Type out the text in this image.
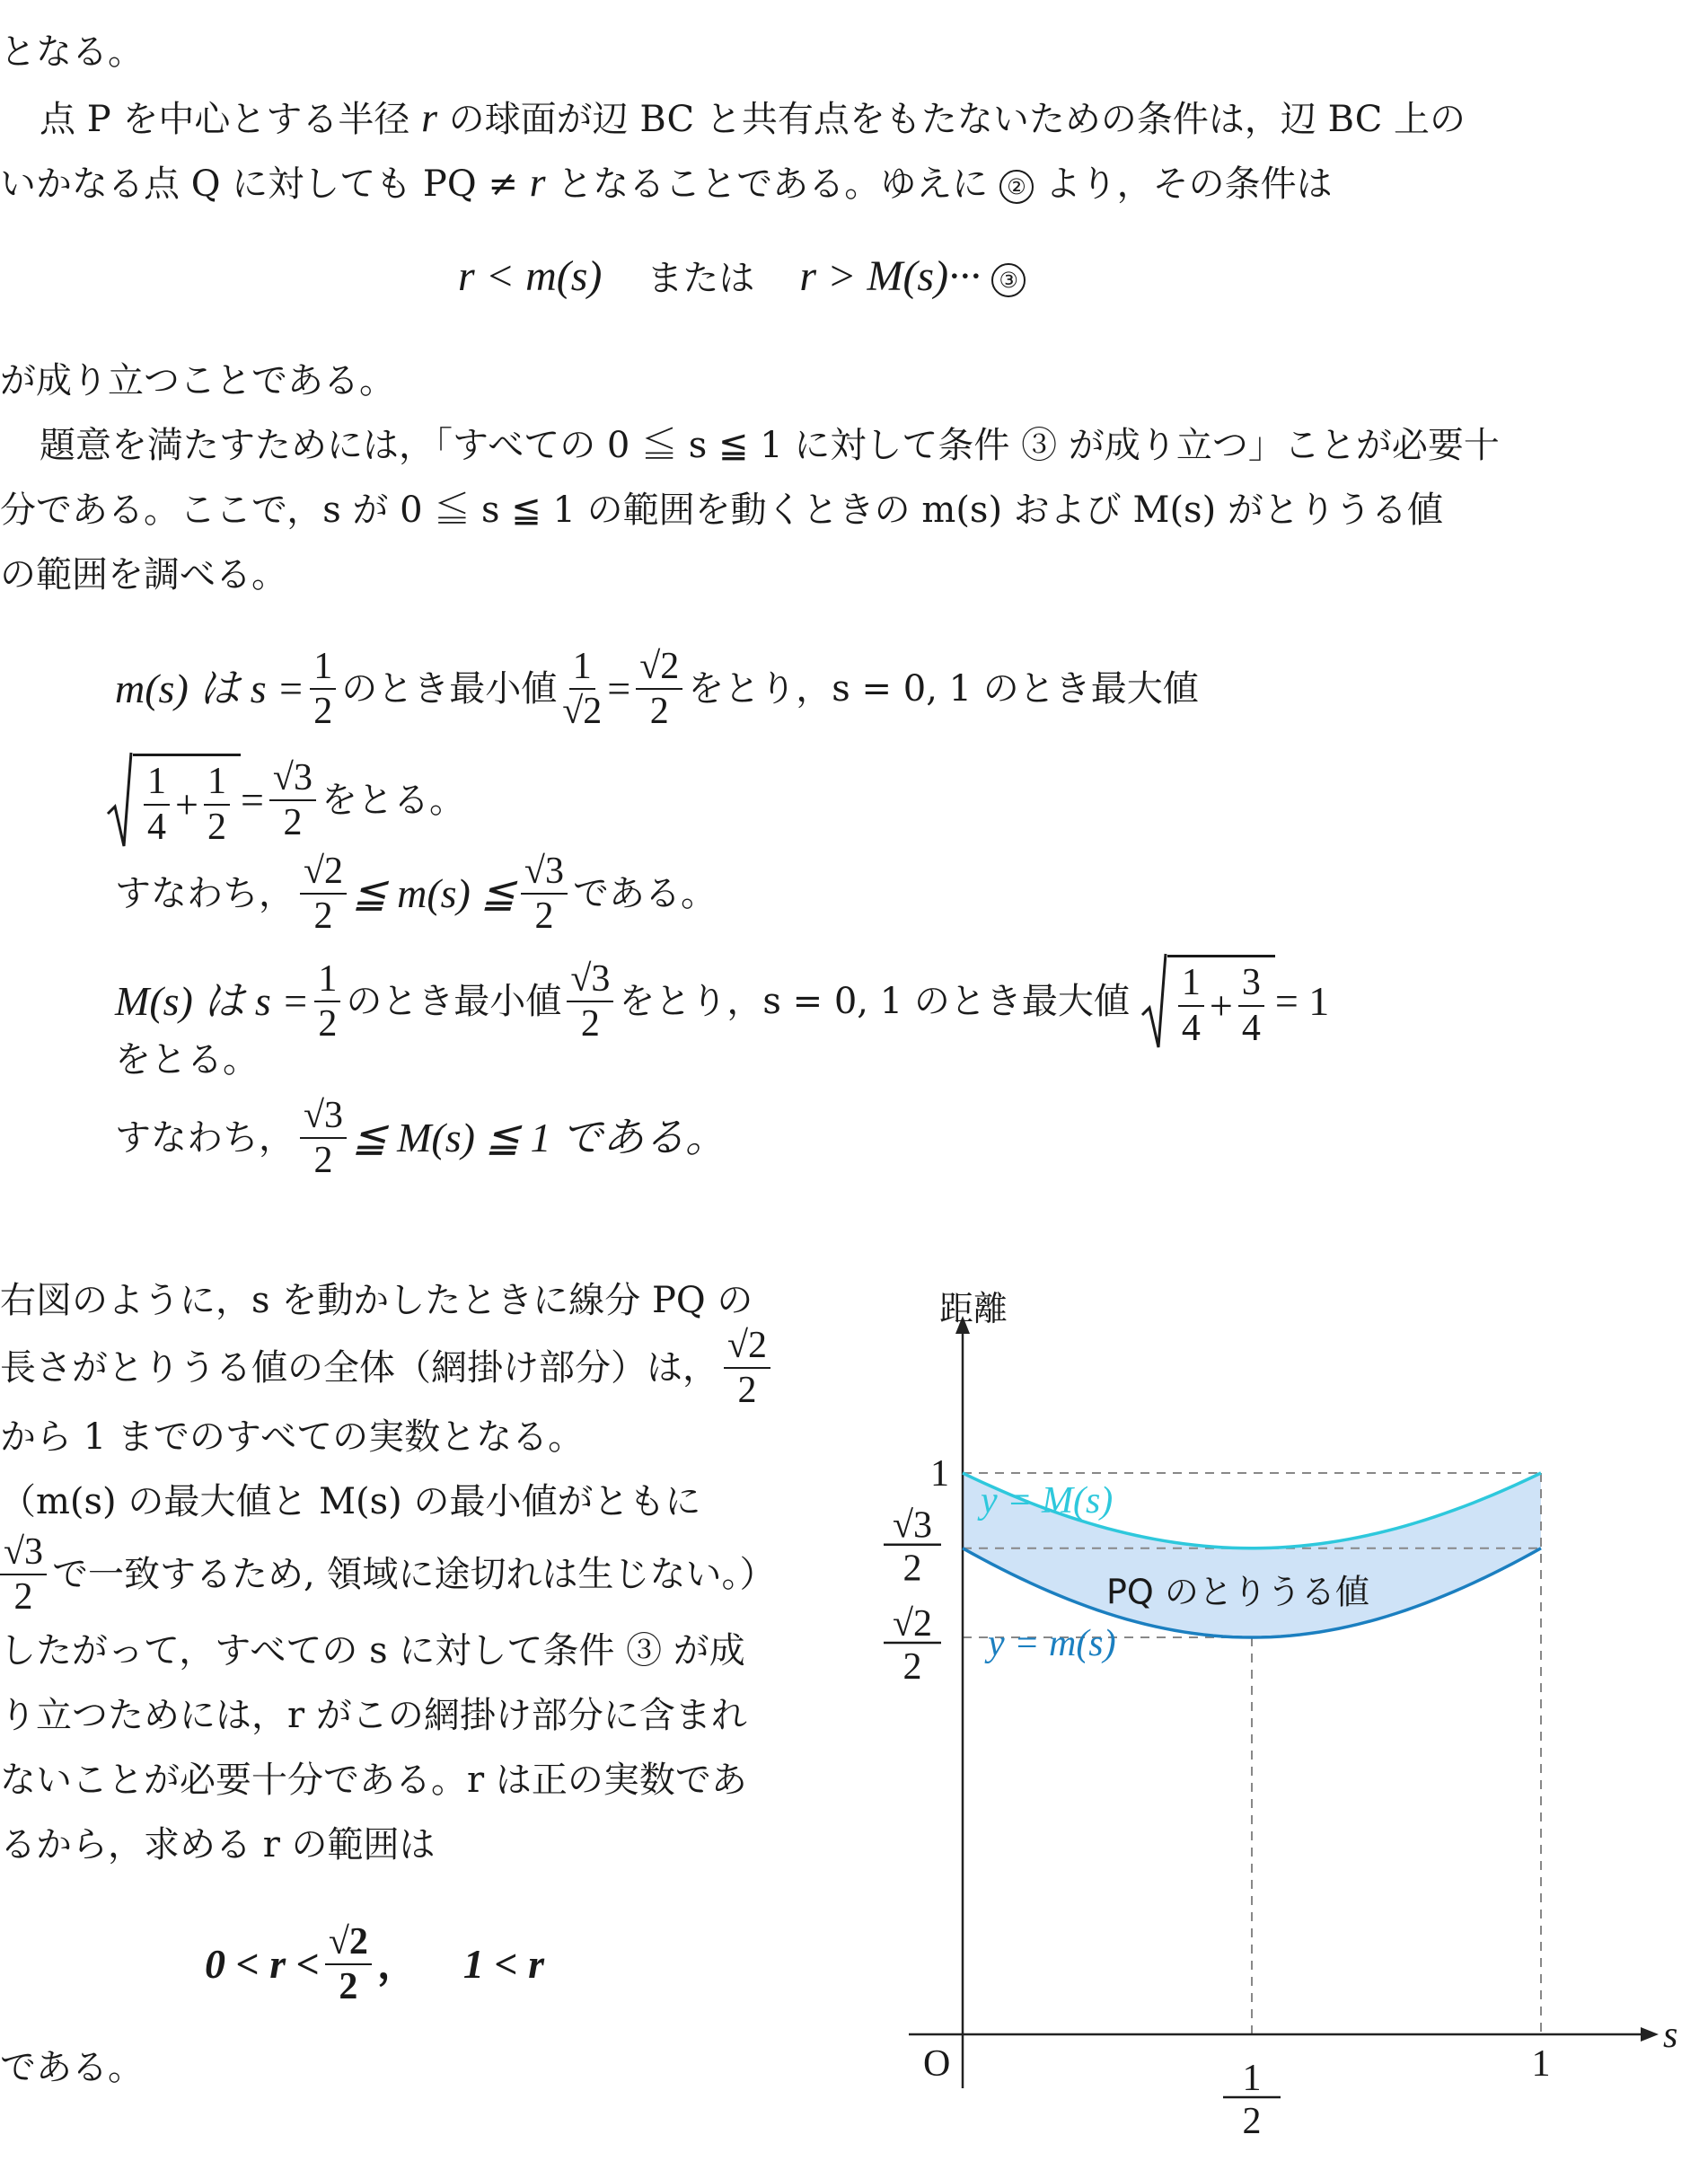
となる。
点 P を中心とする半径 r の球面が辺 BC と共有点をもたないための条件は，辺 BC 上の
いかなる点 Q に対しても PQ ≠ r となることである。ゆえに ② より，その条件は
r < m(s) または r > M(s)··· ③
が成り立つことである。
題意を満たすためには，「すべての 0 ≦ s ≦ 1 に対して条件 ③ が成り立つ」ことが必要十
分である。ここで，s が 0 ≦ s ≦ 1 の範囲を動くときの m(s) および M(s) がとりうる値
の範囲を調べる。
m(s) は $s = \frac{1}{2}$ のとき最小値 $\frac{1}{√2} = \frac{√2}{2}$ をとり，s = 0, 1 のとき最大値
$\frac{1}{4} + \frac{1}{2} = \frac{√3}{2}$ をとる。
すなわち， $\frac{√2}{2}$ ≦ m(s) ≦ $\frac{√3}{2}$ である。
M(s) は $s = \frac{1}{2}$ のとき最小値 $\frac{√3}{2}$ をとり，s = 0, 1 のとき最大値 $\frac{1}{4} + \frac{3}{4} = 1$
をとる。
すなわち， $\frac{√3}{2}$ ≦ M(s) ≦ 1 である。
右図のように，s を動かしたときに線分 PQ の
長さがとりうる値の全体（網掛け部分）は， $\frac{√2}{2}$
から 1 までのすべての実数となる。
（m(s) の最大値と M(s) の最小値がともに
$\frac{√3}{2}$ で一致するため, 領域に途切れは生じない。）
したがって，すべての s に対して条件 ③ が成
り立つためには，r がこの網掛け部分に含まれ
ないことが必要十分である。r は正の実数であ
るから，求める r の範囲は
$0 < r < \frac{√2}{2}$ ， 1 < r
である。
距離
s
O
1
√3
2
√2
2
1
2
1
y = M(s)
y = m(s)
PQ のとりうる値
